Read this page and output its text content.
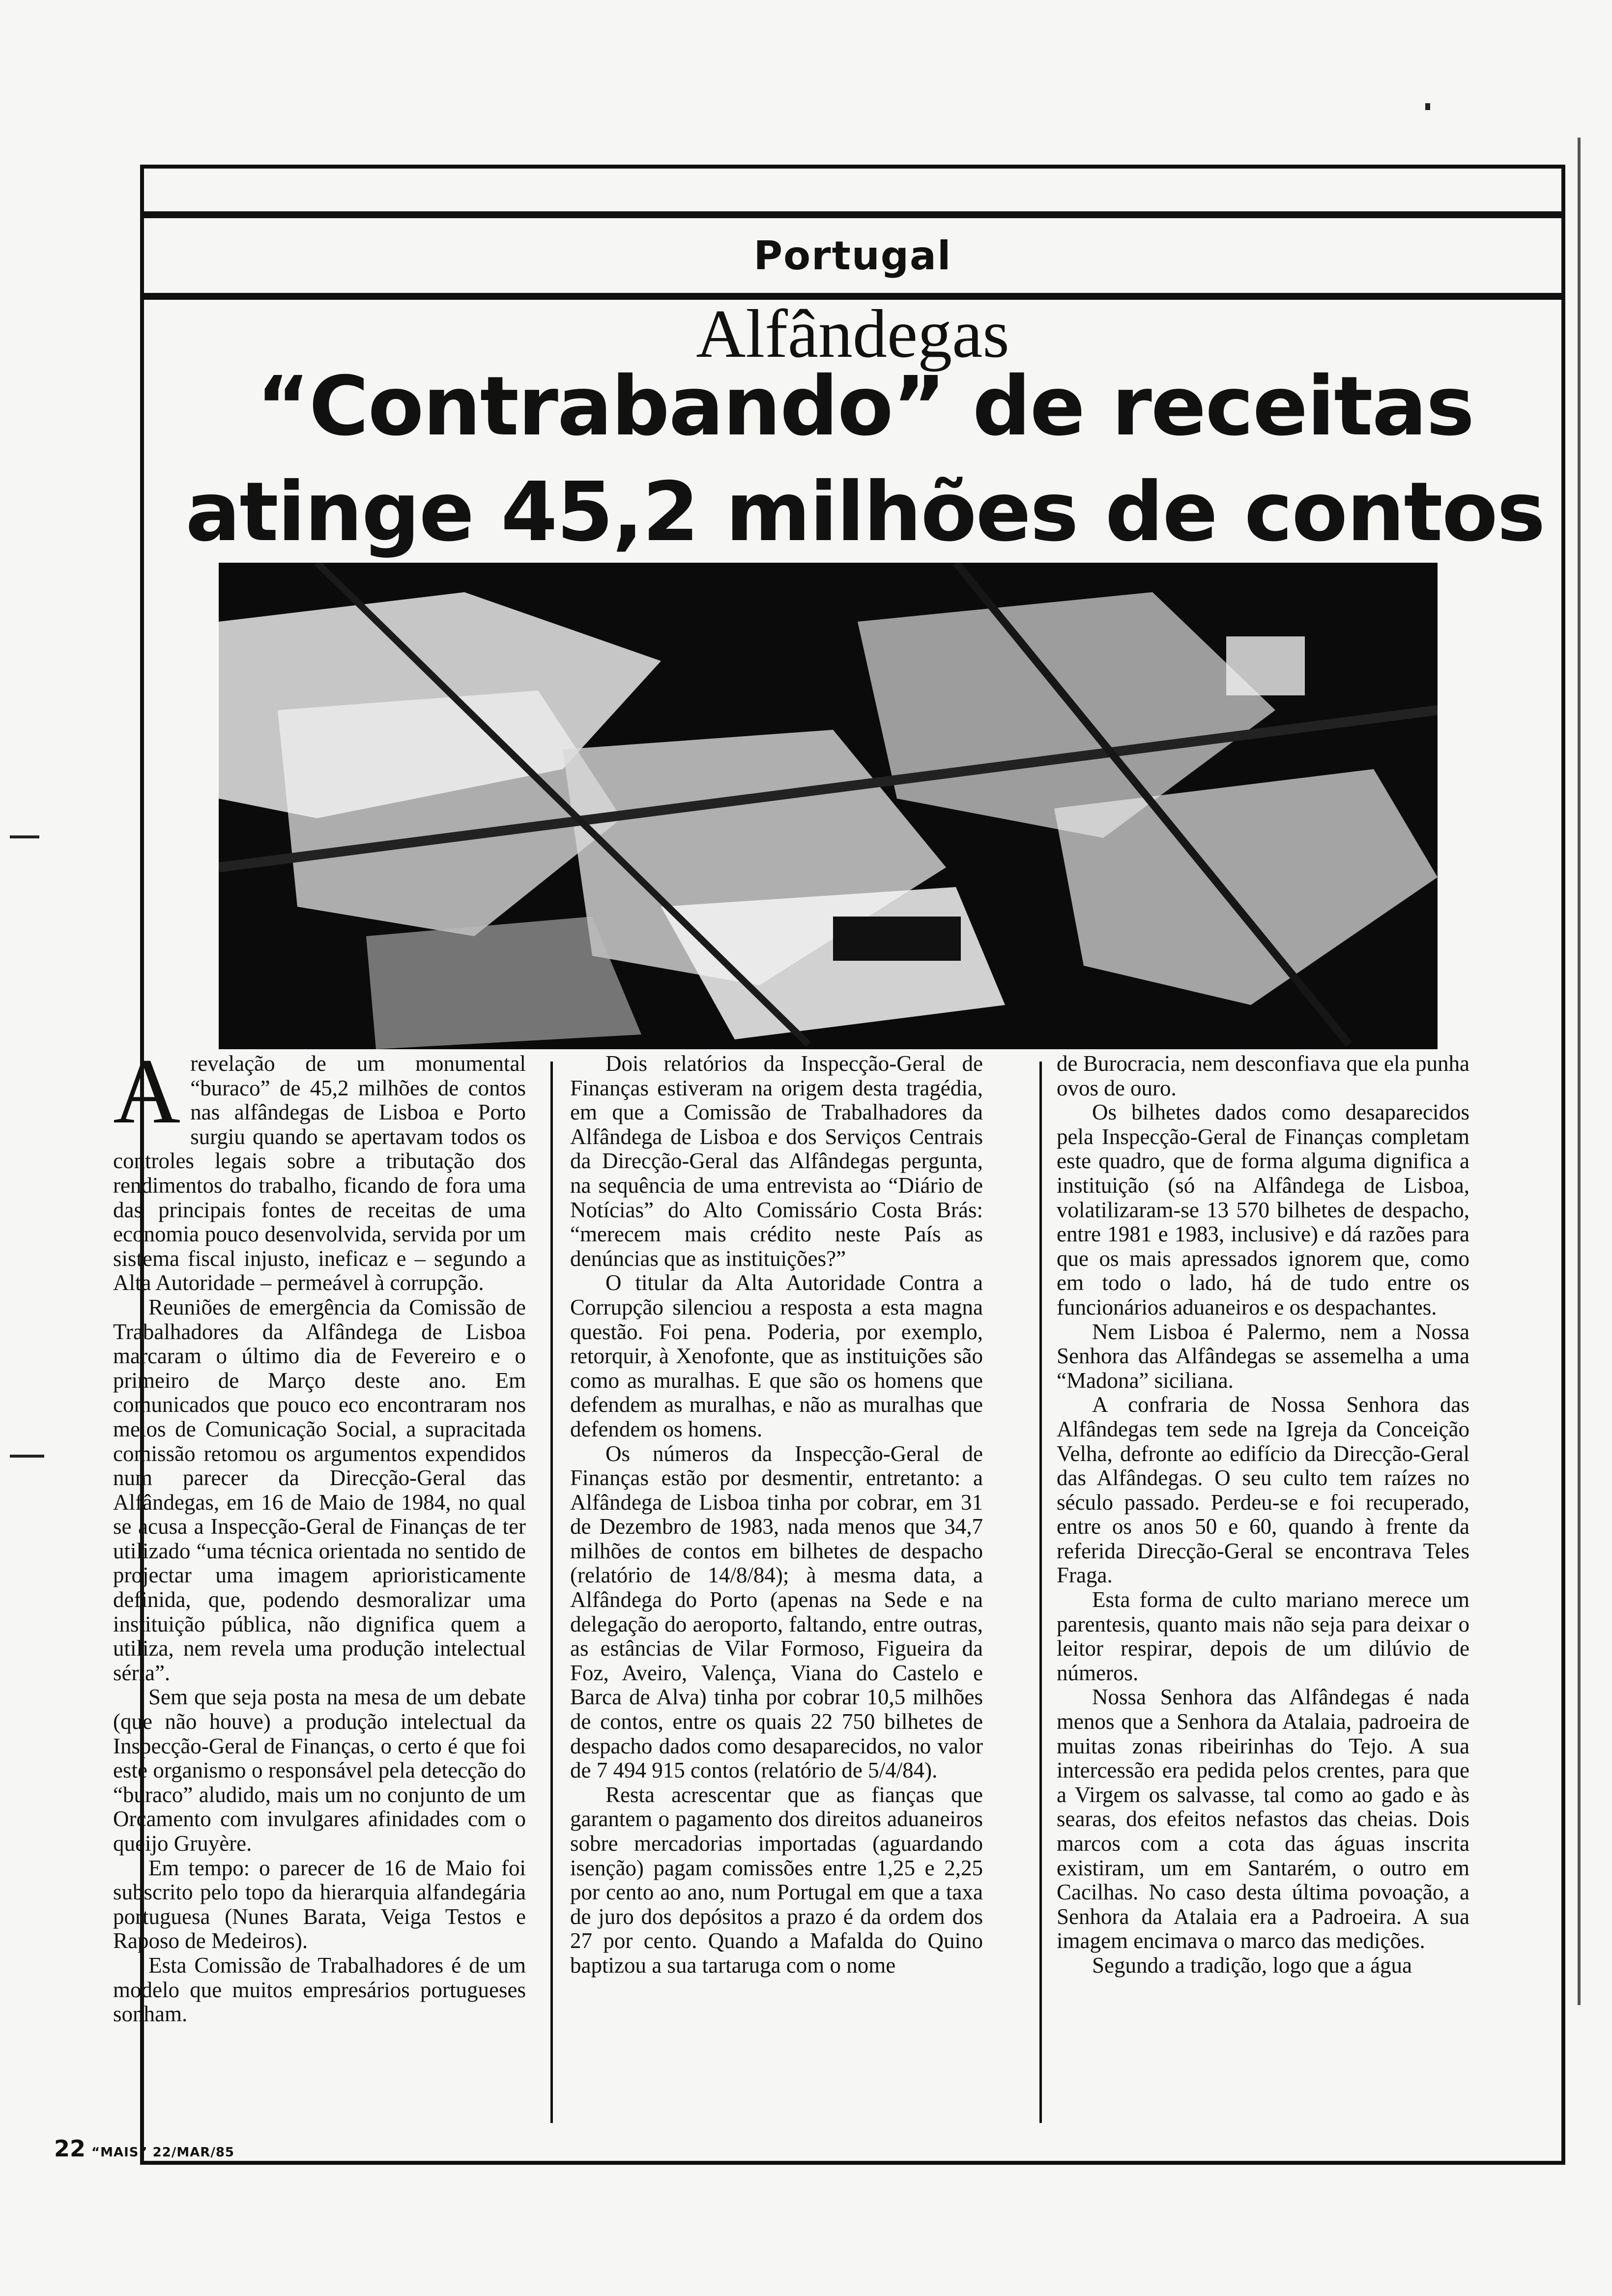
Portugal
Alfândegas
“Contrabando” de receitas
atinge 45,2 milhões de contos

Arevelação de um monumental “buraco” de 45,2 milhões de contos nas alfândegas de Lisboa e Porto surgiu quando se apertavam todos os controles legais sobre a tributação dos rendimentos do trabalho, ficando de fora uma das principais fontes de receitas de uma economia pouco desenvolvida, servida por um sistema fiscal injusto, ineficaz e – segundo a Alta Autoridade – permeável à corrupção.

Reuniões de emergência da Comissão de Trabalhadores da Alfândega de Lisboa marcaram o último dia de Fevereiro e o primeiro de Março deste ano. Em comunicados que pouco eco encontraram nos meios de Comunicação Social, a supracitada comissão retomou os argumentos expendidos num parecer da Direcção-Geral das Alfândegas, em 16 de Maio de 1984, no qual se acusa a Inspecção-Geral de Finanças de ter utilizado “uma técnica orientada no sentido de projectar uma imagem aprioristicamente definida, que, podendo desmoralizar uma instituição pública, não dignifica quem a utiliza, nem revela uma produção intelectual séria”.

Sem que seja posta na mesa de um debate (que não houve) a produção intelectual da Inspecção-Geral de Finanças, o certo é que foi este organismo o responsável pela detecção do “buraco” aludido, mais um no conjunto de um Orçamento com invulgares afinidades com o queijo Gruyère.

Em tempo: o parecer de 16 de Maio foi subscrito pelo topo da hierarquia alfandegária portuguesa (Nunes Barata, Veiga Testos e Raposo de Medeiros).

Esta Comissão de Trabalhadores é de um modelo que muitos empresários portugueses sonham.

Dois relatórios da Inspecção-Geral de Finanças estiveram na origem desta tragédia, em que a Comissão de Trabalhadores da Alfândega de Lisboa e dos Serviços Centrais da Direcção-Geral das Alfândegas pergunta, na sequência de uma entrevista ao “Diário de Notícias” do Alto Comissário Costa Brás: “merecem mais crédito neste País as denúncias que as instituições?”

O titular da Alta Autoridade Contra a Corrupção silenciou a resposta a esta magna questão. Foi pena. Poderia, por exemplo, retorquir, à Xenofonte, que as instituições são como as muralhas. E que são os homens que defendem as muralhas, e não as muralhas que defendem os homens.

Os números da Inspecção-Geral de Finanças estão por desmentir, entretanto: a Alfândega de Lisboa tinha por cobrar, em 31 de Dezembro de 1983, nada menos que 34,7 milhões de contos em bilhetes de despacho (relatório de 14/8/84); à mesma data, a Alfândega do Porto (apenas na Sede e na delegação do aeroporto, faltando, entre outras, as estâncias de Vilar Formoso, Figueira da Foz, Aveiro, Valença, Viana do Castelo e Barca de Alva) tinha por cobrar 10,5 milhões de contos, entre os quais 22 750 bilhetes de despacho dados como desaparecidos, no valor de 7 494 915 contos (relatório de 5/4/84).

Resta acrescentar que as fianças que garantem o pagamento dos direitos aduaneiros sobre mercadorias importadas (aguardando isenção) pagam comissões entre 1,25 e 2,25 por cento ao ano, num Portugal em que a taxa de juro dos depósitos a prazo é da ordem dos 27 por cento. Quando a Mafalda do Quino baptizou a sua tartaruga com o nome

de Burocracia, nem desconfiava que ela punha ovos de ouro.

Os bilhetes dados como desaparecidos pela Inspecção-Geral de Finanças completam este quadro, que de forma alguma dignifica a instituição (só na Alfândega de Lisboa, volatilizaram-se 13 570 bilhetes de despacho, entre 1981 e 1983, inclusive) e dá razões para que os mais apressados ignorem que, como em todo o lado, há de tudo entre os funcionários aduaneiros e os despachantes.

Nem Lisboa é Palermo, nem a Nossa Senhora das Alfândegas se assemelha a uma “Madona” siciliana.

A confraria de Nossa Senhora das Alfândegas tem sede na Igreja da Conceição Velha, defronte ao edifício da Direcção-Geral das Alfândegas. O seu culto tem raízes no século passado. Perdeu-se e foi recuperado, entre os anos 50 e 60, quando à frente da referida Direcção-Geral se encontrava Teles Fraga.

Esta forma de culto mariano merece um parentesis, quanto mais não seja para deixar o leitor respirar, depois de um dilúvio de números.

Nossa Senhora das Alfândegas é nada menos que a Senhora da Atalaia, padroeira de muitas zonas ribeirinhas do Tejo. A sua intercessão era pedida pelos crentes, para que a Virgem os salvasse, tal como ao gado e às searas, dos efeitos nefastos das cheias. Dois marcos com a cota das águas inscrita existiram, um em Santarém, o outro em Cacilhas. No caso desta última povoação, a Senhora da Atalaia era a Padroeira. A sua imagem encimava o marco das medições.

Segundo a tradição, logo que a água

22 “MAIS” 22/MAR/85
